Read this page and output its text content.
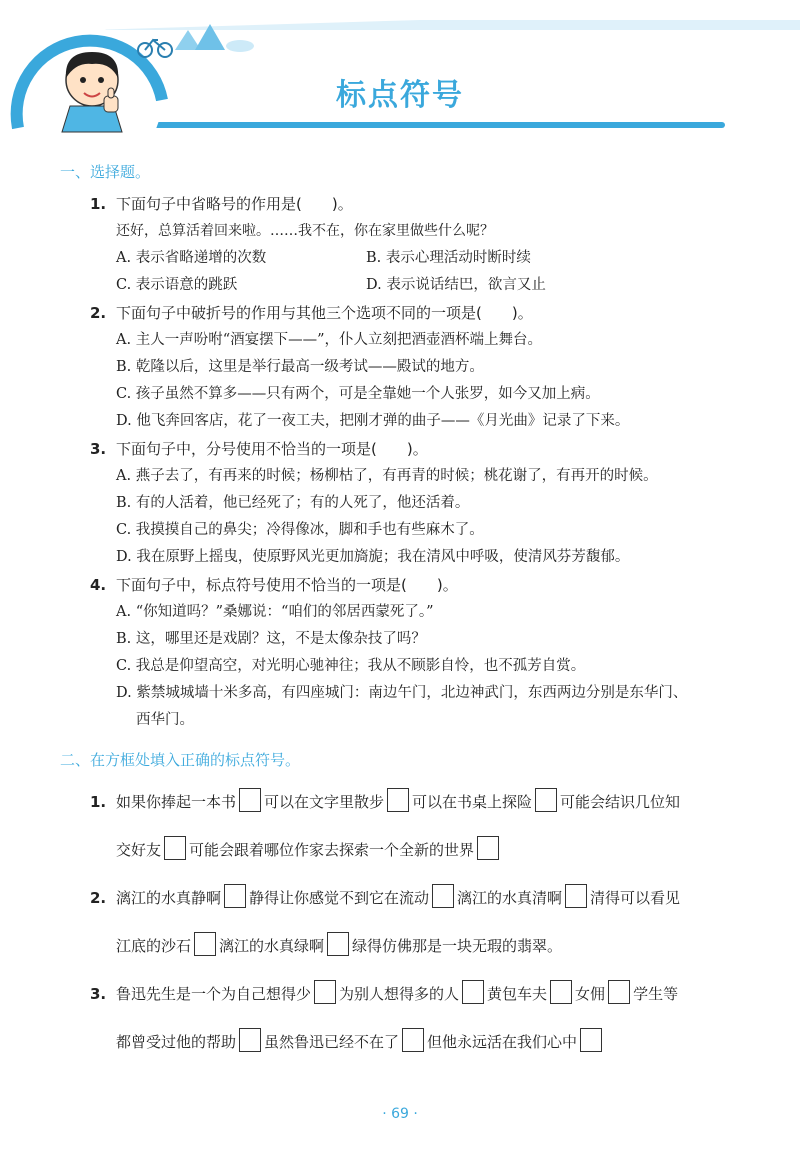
标点符号
一、选择题。
1. 下面句子中省略号的作用是(　　)。
还好，总算活着回来啦。……我不在，你在家里做些什么呢？
A. 表示省略递增的次数	B. 表示心理活动时断时续
C. 表示语意的跳跃	D. 表示说话结巴，欲言又止
2. 下面句子中破折号的作用与其他三个选项不同的一项是(　　)。
A. 主人一声吩咐“酒宴摆下——”，仆人立刻把酒壶酒杯端上舞台。
B. 乾隆以后，这里是举行最高一级考试——殿试的地方。
C. 孩子虽然不算多——只有两个，可是全靠她一个人张罗，如今又加上病。
D. 他飞奔回客店，花了一夜工夫，把刚才弹的曲子——《月光曲》记录了下来。
3. 下面句子中，分号使用不恰当的一项是(　　)。
A. 燕子去了，有再来的时候；杨柳枯了，有再青的时候；桃花谢了，有再开的时候。
B. 有的人活着，他已经死了；有的人死了，他还活着。
C. 我摸摸自己的鼻尖；冷得像冰，脚和手也有些麻木了。
D. 我在原野上摇曳，使原野风光更加旖旎；我在清风中呼吸，使清风芬芳馥郁。
4. 下面句子中，标点符号使用不恰当的一项是(　　)。
A. “你知道吗？”桑娜说：“咱们的邻居西蒙死了。”
B. 这，哪里还是戏剧？这，不是太像杂技了吗？
C. 我总是仰望高空，对光明心驰神往；我从不顾影自怜，也不孤芳自赏。
D. 紫禁城城墙十米多高，有四座城门：南边午门，北边神武门，东西两边分别是东华门、
西华门。
二、在方框处填入正确的标点符号。
1. 如果你捧起一本书 可以在文字里散步 可以在书桌上探险 可能会结识几位知
交好友 可能会跟着哪位作家去探索一个全新的世界
2. 漓江的水真静啊 静得让你感觉不到它在流动 漓江的水真清啊 清得可以看见
江底的沙石 漓江的水真绿啊 绿得仿佛那是一块无瑕的翡翠。
3. 鲁迅先生是一个为自己想得少 为别人想得多的人 黄包车夫 女佣 学生等
都曾受过他的帮助 虽然鲁迅已经不在了 但他永远活在我们心中
· 69 ·
